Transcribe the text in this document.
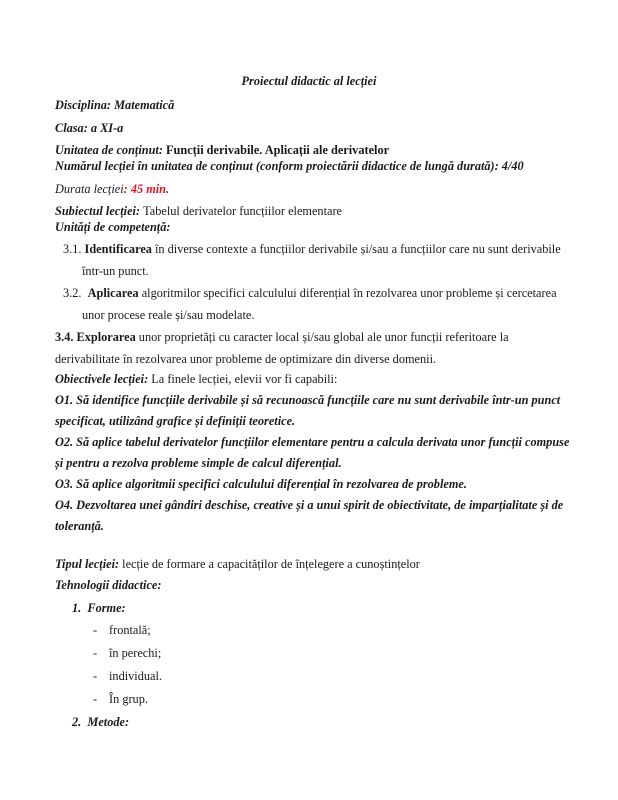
Proiectul didactic al lecției
Disciplina: Matematică
Clasa: a XI-a
Unitatea de conținut: Funcții derivabile. Aplicații ale derivatelor
Numărul lecției în unitatea de conținut (conform proiectării didactice de lungă durată): 4/40
Durata lecției: 45 min.
Subiectul lecției: Tabelul derivatelor funcțiilor elementare
Unități de competență:
3.1. Identificarea în diverse contexte a funcțiilor derivabile și/sau a funcțiilor care nu sunt derivabile
într-un punct.
3.2. Aplicarea algoritmilor specifici calculului diferențial în rezolvarea unor probleme și cercetarea
unor procese reale și/sau modelate.
3.4. Explorarea unor proprietăți cu caracter local și/sau global ale unor funcții referitoare la
derivabilitate în rezolvarea unor probleme de optimizare din diverse domenii.
Obiectivele lecției: La finele lecției, elevii vor fi capabili:
O1. Să identifice funcțiile derivabile și să recunoască funcțiile care nu sunt derivabile într-un punct
specificat, utilizând grafice și definiții teoretice.
O2. Să aplice tabelul derivatelor funcțiilor elementare pentru a calcula derivata unor funcții compuse
și pentru a rezolva probleme simple de calcul diferențial.
O3. Să aplice algoritmii specifici calculului diferențial în rezolvarea de probleme.
O4. Dezvoltarea unei gândiri deschise, creative și a unui spirit de obiectivitate, de imparțialitate și de
toleranță.
Tipul lecției: lecție de formare a capacităților de înțelegere a cunoștințelor
Tehnologii didactice:
1. Forme:
- frontală;
- în perechi;
- individual.
- În grup.
2. Metode:
